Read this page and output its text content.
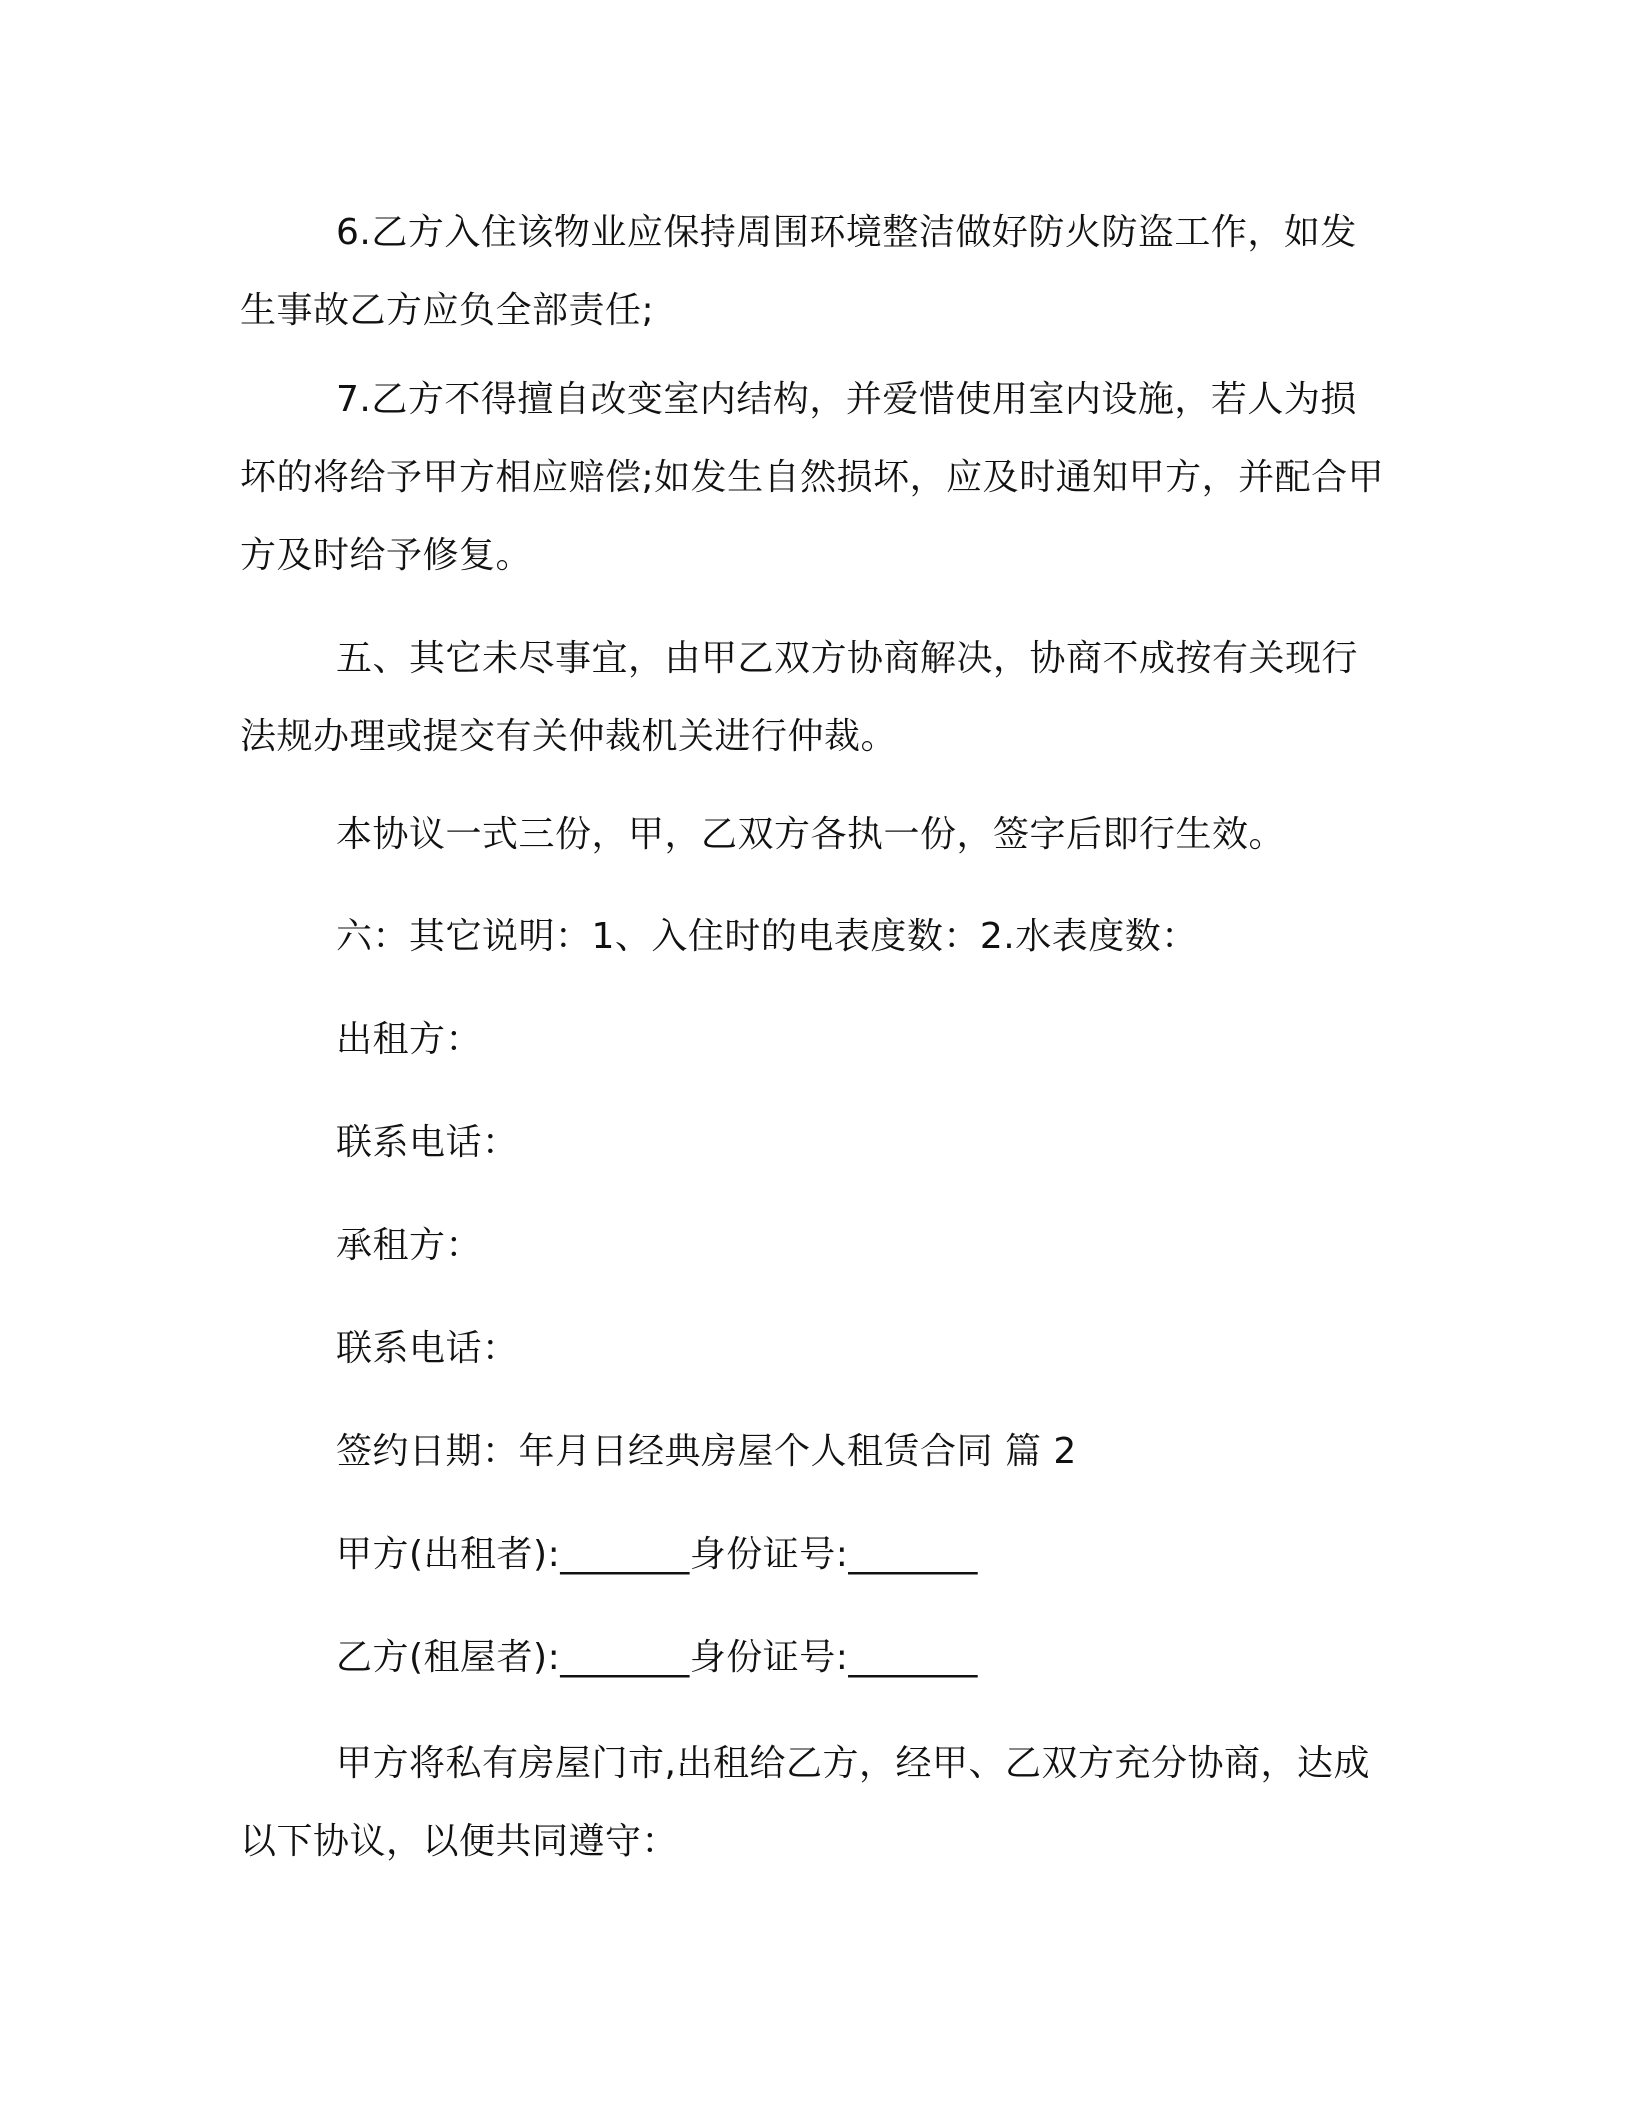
6.乙方入住该物业应保持周围环境整洁做好防火防盗工作，如发生事故乙方应负全部责任;

7.乙方不得擅自改变室内结构，并爱惜使用室内设施，若人为损坏的将给予甲方相应赔偿;如发生自然损坏，应及时通知甲方，并配合甲方及时给予修复。

五、其它未尽事宜，由甲乙双方协商解决，协商不成按有关现行法规办理或提交有关仲裁机关进行仲裁。

本协议一式三份，甲，乙双方各执一份，签字后即行生效。

六：其它说明：1、入住时的电表度数：2.水表度数：

出租方：

联系电话：

承租方：

联系电话：

签约日期：年月日经典房屋个人租赁合同 篇 2

甲方(出租者):_______身份证号:_______

乙方(租屋者):_______身份证号:_______

甲方将私有房屋门市,出租给乙方，经甲、乙双方充分协商，达成以下协议，以便共同遵守：
